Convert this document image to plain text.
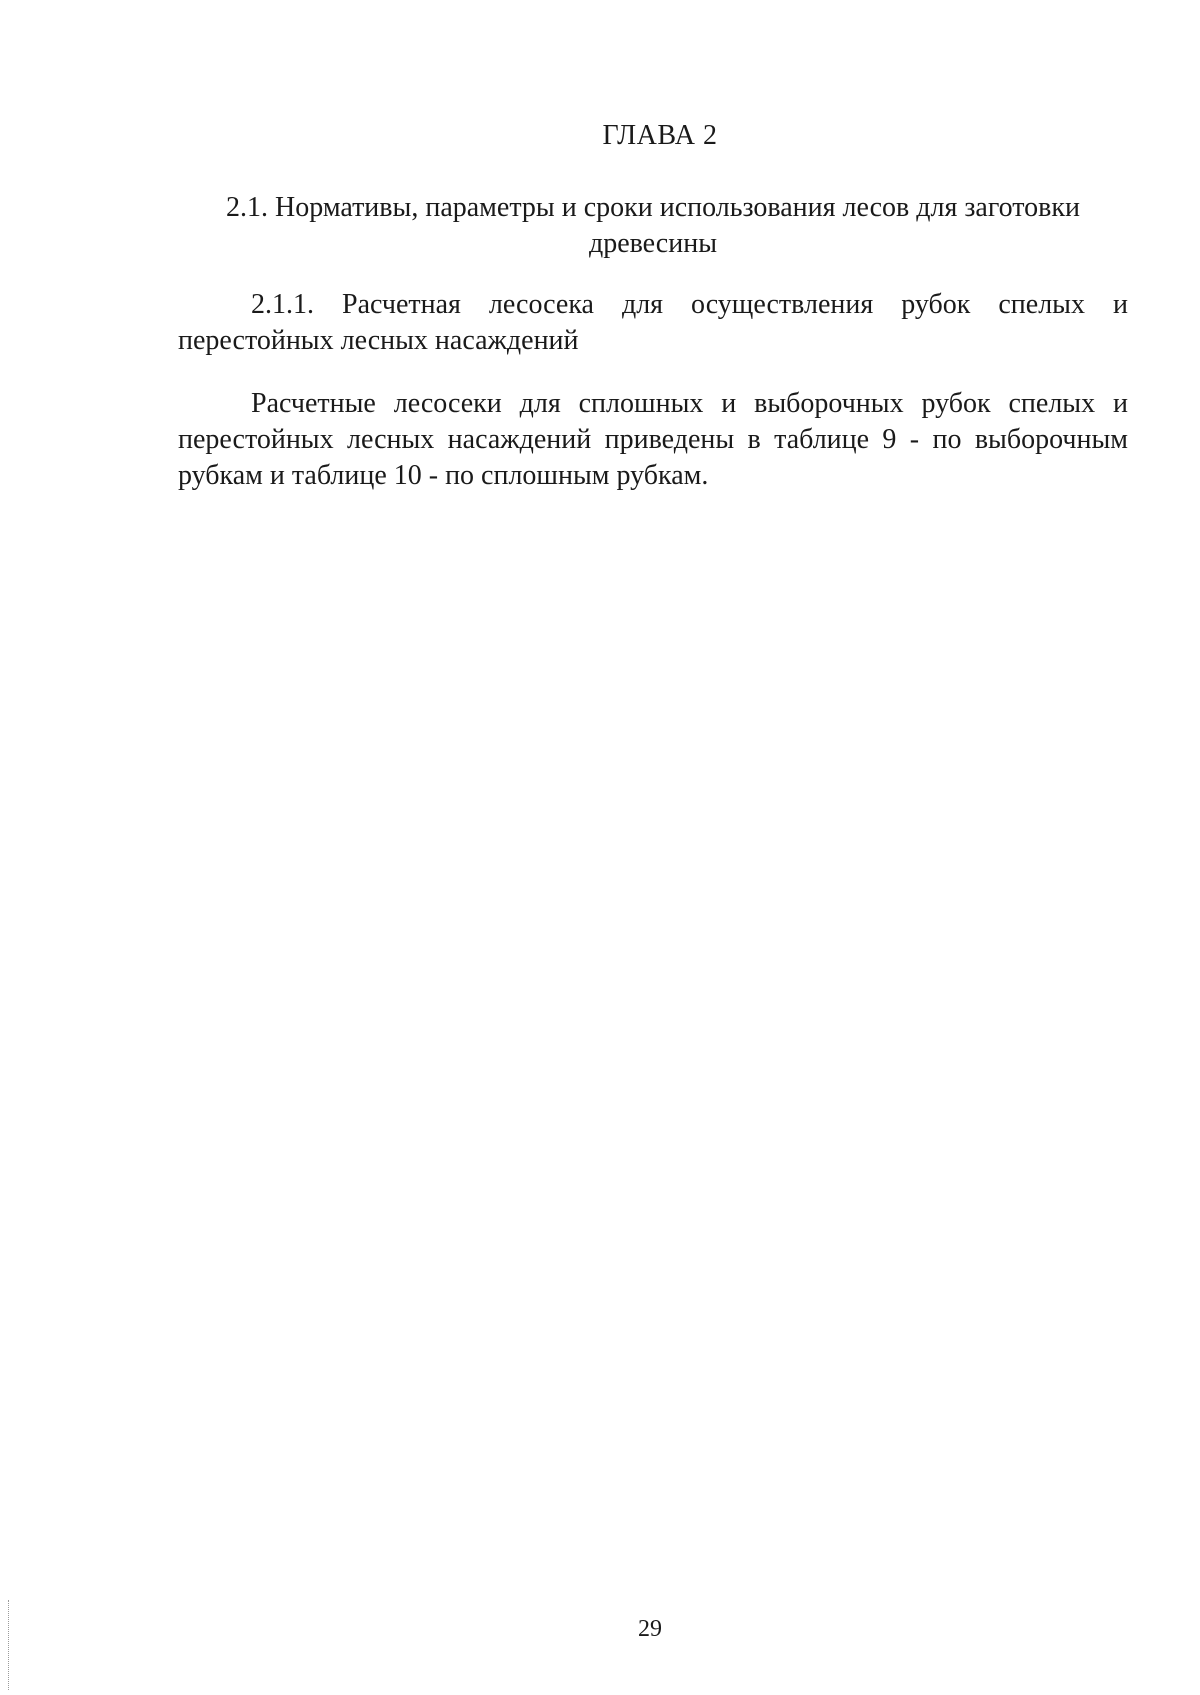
ГЛАВА 2
2.1. Нормативы, параметры и сроки использования лесов для заготовки древесины
2.1.1. Расчетная лесосека для осуществления рубок спелых и перестойных лесных насаждений

Расчетные лесосеки для сплошных и выборочных рубок спелых и перестойных лесных насаждений приведены в таблице 9 - по выборочным рубкам и таблице 10 - по сплошным рубкам.

29
